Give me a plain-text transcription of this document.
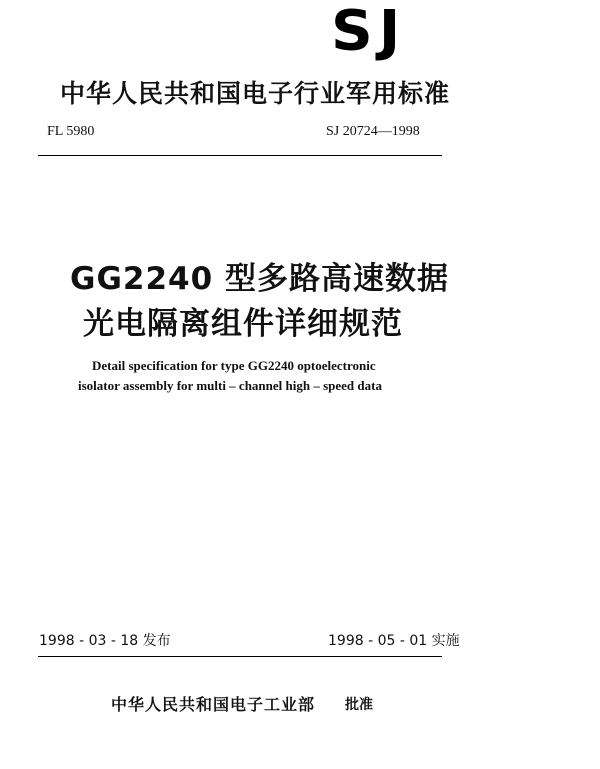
SJ
中华人民共和国电子行业军用标准
FL 5980	SJ 20724—1998
GG2240 型多路高速数据
光电隔离组件详细规范
Detail specification for type GG2240 optoelectronic
isolator assembly for multi – channel high – speed data
1998 - 03 - 18 发布	1998 - 05 - 01 实施
中华人民共和国电子工业部 批准
